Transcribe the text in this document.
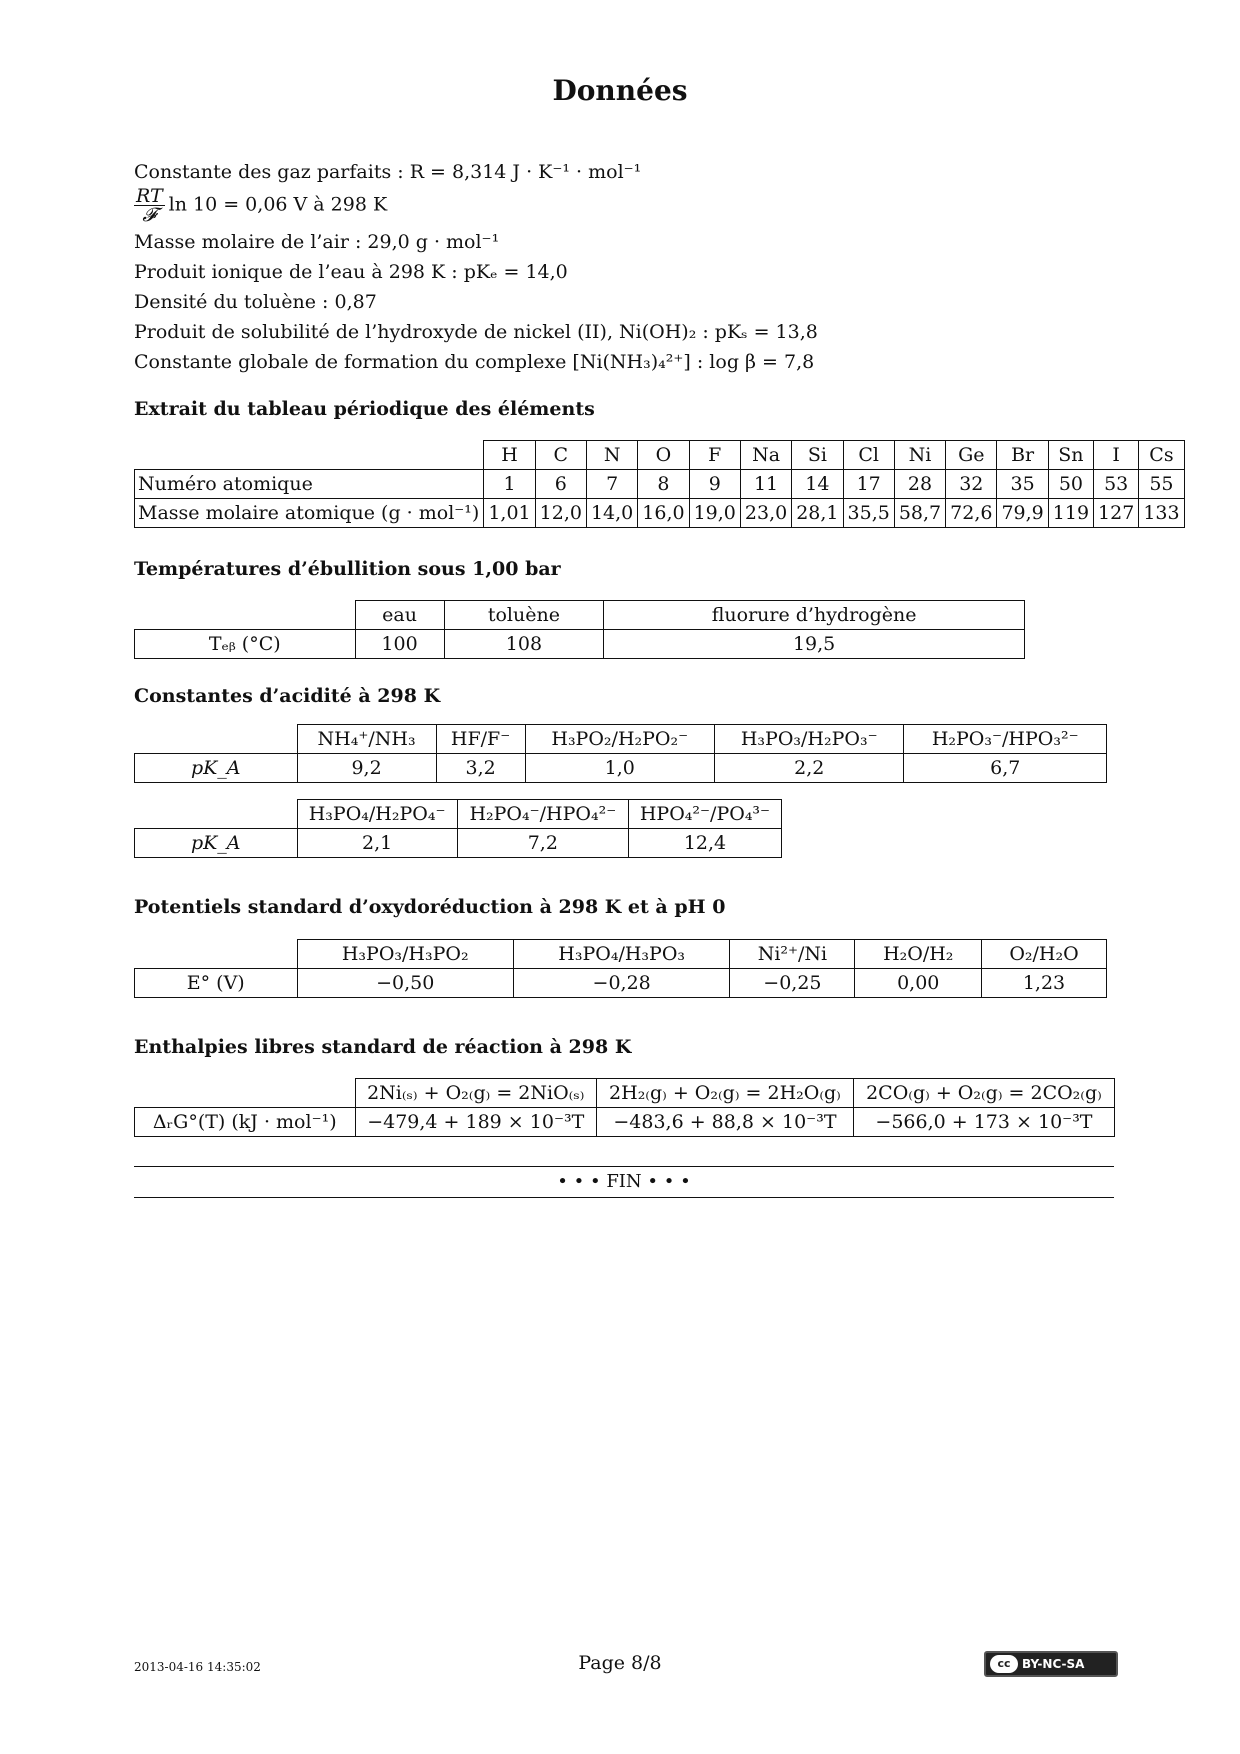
Données
Constante des gaz parfaits : R = 8,314 J · K⁻¹ · mol⁻¹
$\frac{RT}{\text{𝓕}}$ ln 10 = 0,06 V à 298 K
Masse molaire de l’air : 29,0 g · mol⁻¹
Produit ionique de l’eau à 298 K : pKₑ = 14,0
Densité du toluène : 0,87
Produit de solubilité de l’hydroxyde de nickel (II), Ni(OH)₂ : pKₛ = 13,8
Constante globale de formation du complexe [Ni(NH₃)₄²⁺] : log β = 7,8
Extrait du tableau périodique des éléments
	H	C	N	O	F	Na	Si	Cl	Ni	Ge	Br	Sn	I	Cs
Numéro atomique	1	6	7	8	9	11	14	17	28	32	35	50	53	55
Masse molaire atomique (g · mol⁻¹)	1,01	12,0	14,0	16,0	19,0	23,0	28,1	35,5	58,7	72,6	79,9	119	127	133
Températures d’ébullition sous 1,00 bar
	eau	toluène	fluorure d’hydrogène
Tₑᵦ (°C)	100	108	19,5
Constantes d’acidité à 298 K
	NH₄⁺/NH₃	HF/F⁻	H₃PO₂/H₂PO₂⁻	H₃PO₃/H₂PO₃⁻	H₂PO₃⁻/HPO₃²⁻
pK_A	9,2	3,2	1,0	2,2	6,7
	H₃PO₄/H₂PO₄⁻	H₂PO₄⁻/HPO₄²⁻	HPO₄²⁻/PO₄³⁻
pK_A	2,1	7,2	12,4
Potentiels standard d’oxydoréduction à 298 K et à pH 0
	H₃PO₃/H₃PO₂	H₃PO₄/H₃PO₃	Ni²⁺/Ni	H₂O/H₂	O₂/H₂O
E° (V)	−0,50	−0,28	−0,25	0,00	1,23
Enthalpies libres standard de réaction à 298 K
	2Ni₍ₛ₎ + O₂₍g₎ = 2NiO₍ₛ₎	2H₂₍g₎ + O₂₍g₎ = 2H₂O₍g₎	2CO₍g₎ + O₂₍g₎ = 2CO₂₍g₎
ΔᵣG°(T) (kJ · mol⁻¹)	−479,4 + 189 × 10⁻³T	−483,6 + 88,8 × 10⁻³T	−566,0 + 173 × 10⁻³T
• • • FIN • • •
2013-04-16 14:35:02	Page 8/8	cc BY-NC-SA
